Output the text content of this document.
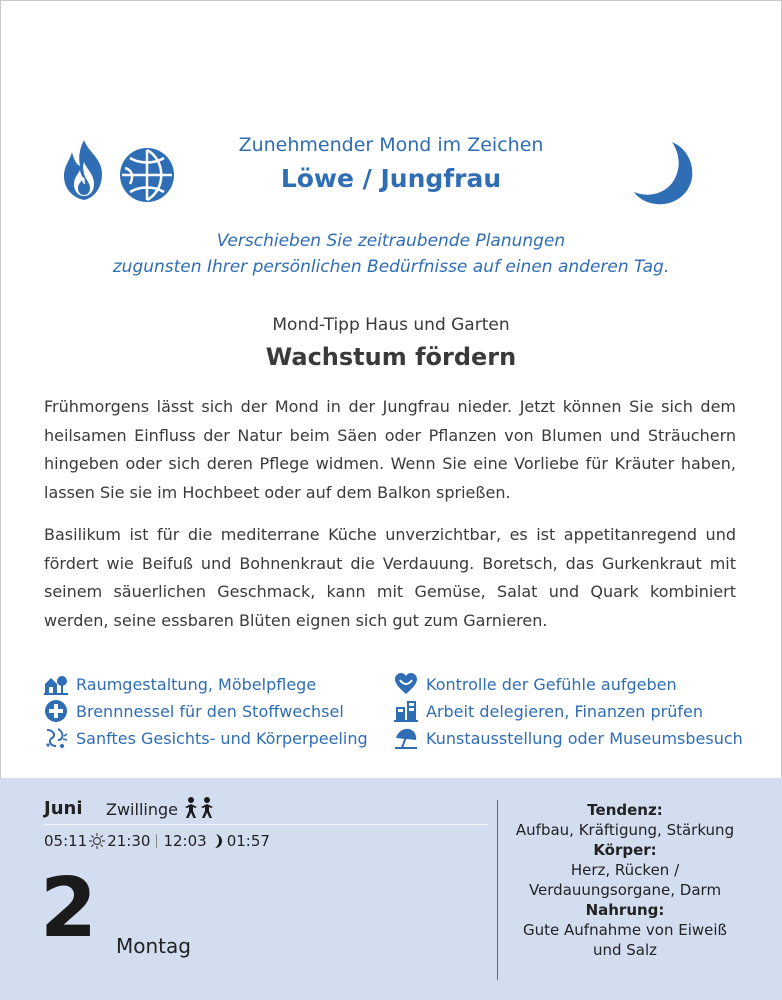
Zunehmender Mond im Zeichen
Löwe / Jungfrau
Verschieben Sie zeitraubende Planungen
zugunsten Ihrer persönlichen Bedürfnisse auf einen anderen Tag.
Mond-Tipp Haus und Garten
Wachstum fördern

Frühmorgens lässt sich der Mond in der Jungfrau nieder. Jetzt können Sie sich dem heilsamen Einfluss der Natur beim Säen oder Pflanzen von Blumen und Sträuchern hingeben oder sich deren Pflege widmen. Wenn Sie eine Vorliebe für Kräuter haben, lassen Sie sie im Hochbeet oder auf dem Balkon sprießen.

Basilikum ist für die mediterrane Küche unverzichtbar, es ist appetitanregend und fördert wie Beifuß und Bohnenkraut die Verdauung. Boretsch, das Gurkenkraut mit seinem säuerlichen Geschmack, kann mit Gemüse, Salat und Quark kombiniert werden, seine essbaren Blüten eignen sich gut zum Garnieren.

Raumgestaltung, Möbelpflege
Brennnessel für den Stoffwechsel
Sanftes Gesichts- und Körperpeeling
Kontrolle der Gefühle aufgeben
Arbeit delegieren, Finanzen prüfen
Kunstausstellung oder Museumsbesuch
Juni Zwillinge
05:11 21:30 12:03 01:57
2 Montag
Tendenz:
Aufbau, Kräftigung, Stärkung
Körper:
Herz, Rücken /
Verdauungsorgane, Darm
Nahrung:
Gute Aufnahme von Eiweiß
und Salz
